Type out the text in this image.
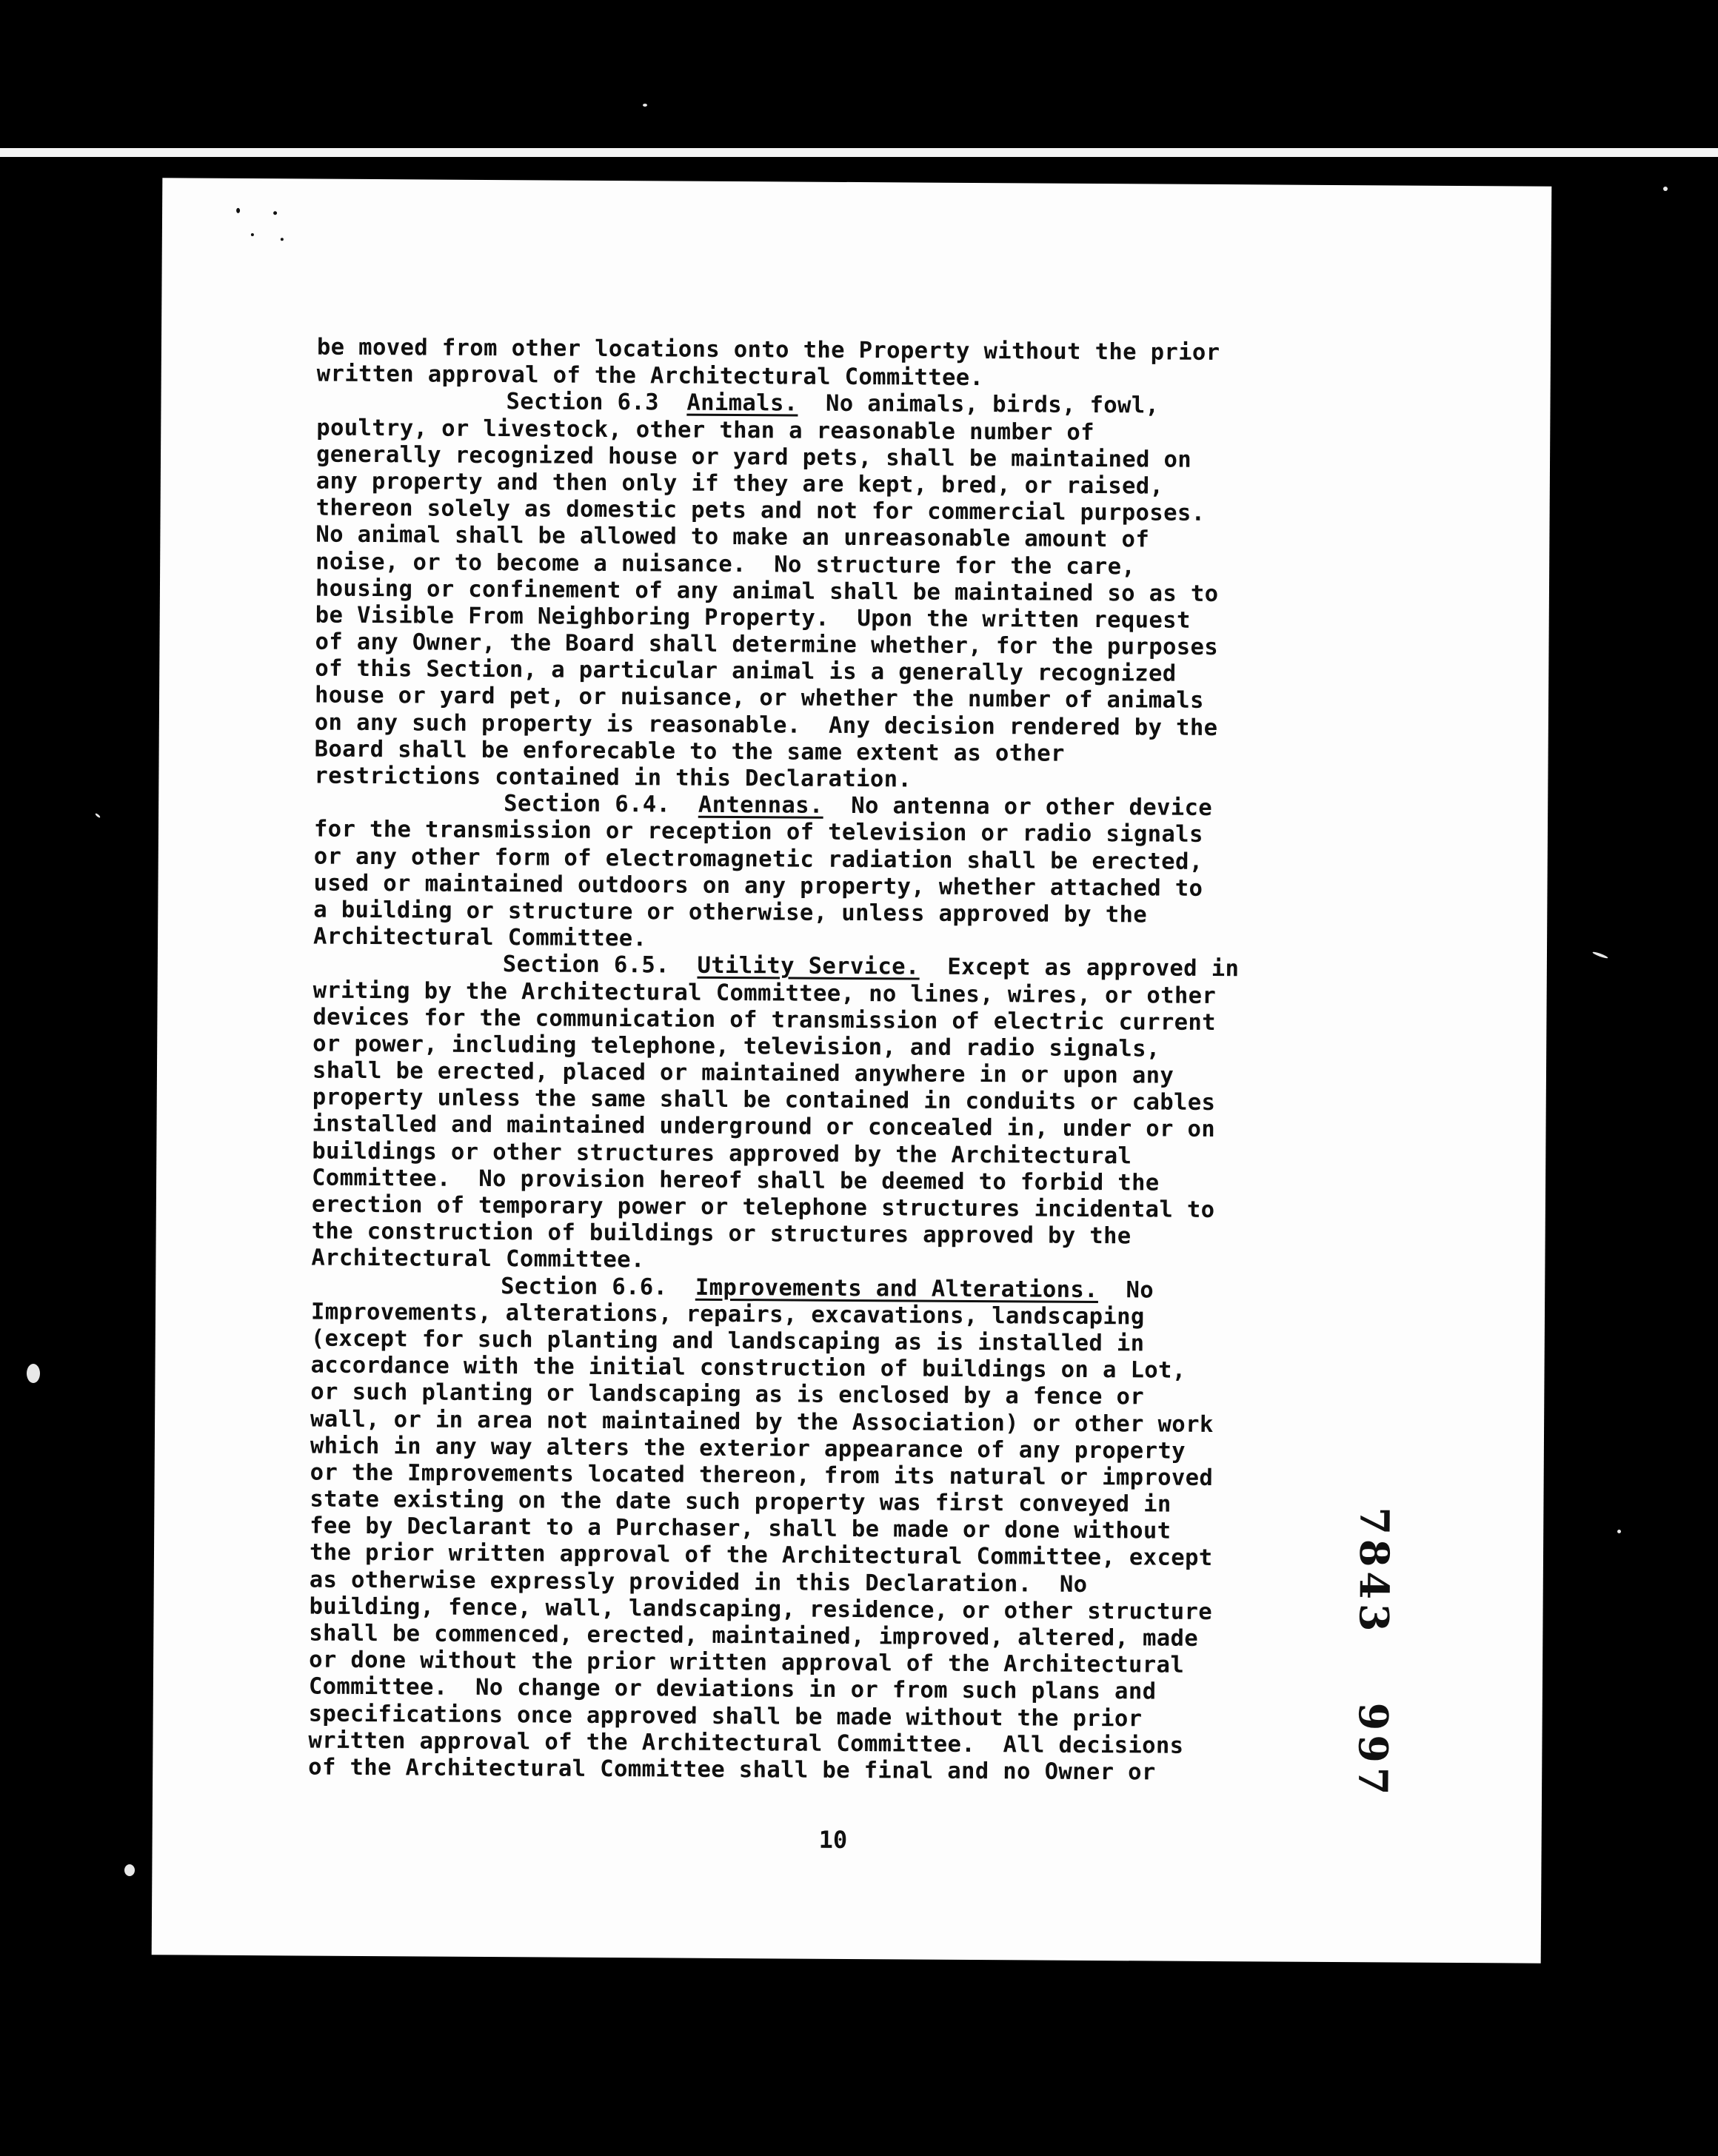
be moved from other locations onto the Property without the prior
written approval of the Architectural Committee.
Section 6.3 Animals. No animals, birds, fowl,
poultry, or livestock, other than a reasonable number of
generally recognized house or yard pets, shall be maintained on
any property and then only if they are kept, bred, or raised,
thereon solely as domestic pets and not for commercial purposes.
No animal shall be allowed to make an unreasonable amount of
noise, or to become a nuisance.  No structure for the care,
housing or confinement of any animal shall be maintained so as to
be Visible From Neighboring Property.  Upon the written request
of any Owner, the Board shall determine whether, for the purposes
of this Section, a particular animal is a generally recognized
house or yard pet, or nuisance, or whether the number of animals
on any such property is reasonable.  Any decision rendered by the
Board shall be enforecable to the same extent as other
restrictions contained in this Declaration.
Section 6.4. Antennas. No antenna or other device
for the transmission or reception of television or radio signals
or any other form of electromagnetic radiation shall be erected,
used or maintained outdoors on any property, whether attached to
a building or structure or otherwise, unless approved by the
Architectural Committee.
Section 6.5. Utility Service. Except as approved in
writing by the Architectural Committee, no lines, wires, or other
devices for the communication of transmission of electric current
or power, including telephone, television, and radio signals,
shall be erected, placed or maintained anywhere in or upon any
property unless the same shall be contained in conduits or cables
installed and maintained underground or concealed in, under or on
buildings or other structures approved by the Architectural
Committee.  No provision hereof shall be deemed to forbid the
erection of temporary power or telephone structures incidental to
the construction of buildings or structures approved by the
Architectural Committee.
Section 6.6. Improvements and Alterations. No
Improvements, alterations, repairs, excavations, landscaping
(except for such planting and landscaping as is installed in
accordance with the initial construction of buildings on a Lot,
or such planting or landscaping as is enclosed by a fence or
wall, or in area not maintained by the Association) or other work
which in any way alters the exterior appearance of any property
or the Improvements located thereon, from its natural or improved
state existing on the date such property was first conveyed in
fee by Declarant to a Purchaser, shall be made or done without
the prior written approval of the Architectural Committee, except
as otherwise expressly provided in this Declaration.  No
building, fence, wall, landscaping, residence, or other structure
shall be commenced, erected, maintained, improved, altered, made
or done without the prior written approval of the Architectural
Committee.  No change or deviations in or from such plans and
specifications once approved shall be made without the prior
written approval of the Architectural Committee.  All decisions
of the Architectural Committee shall be final and no Owner or
7843997
10
